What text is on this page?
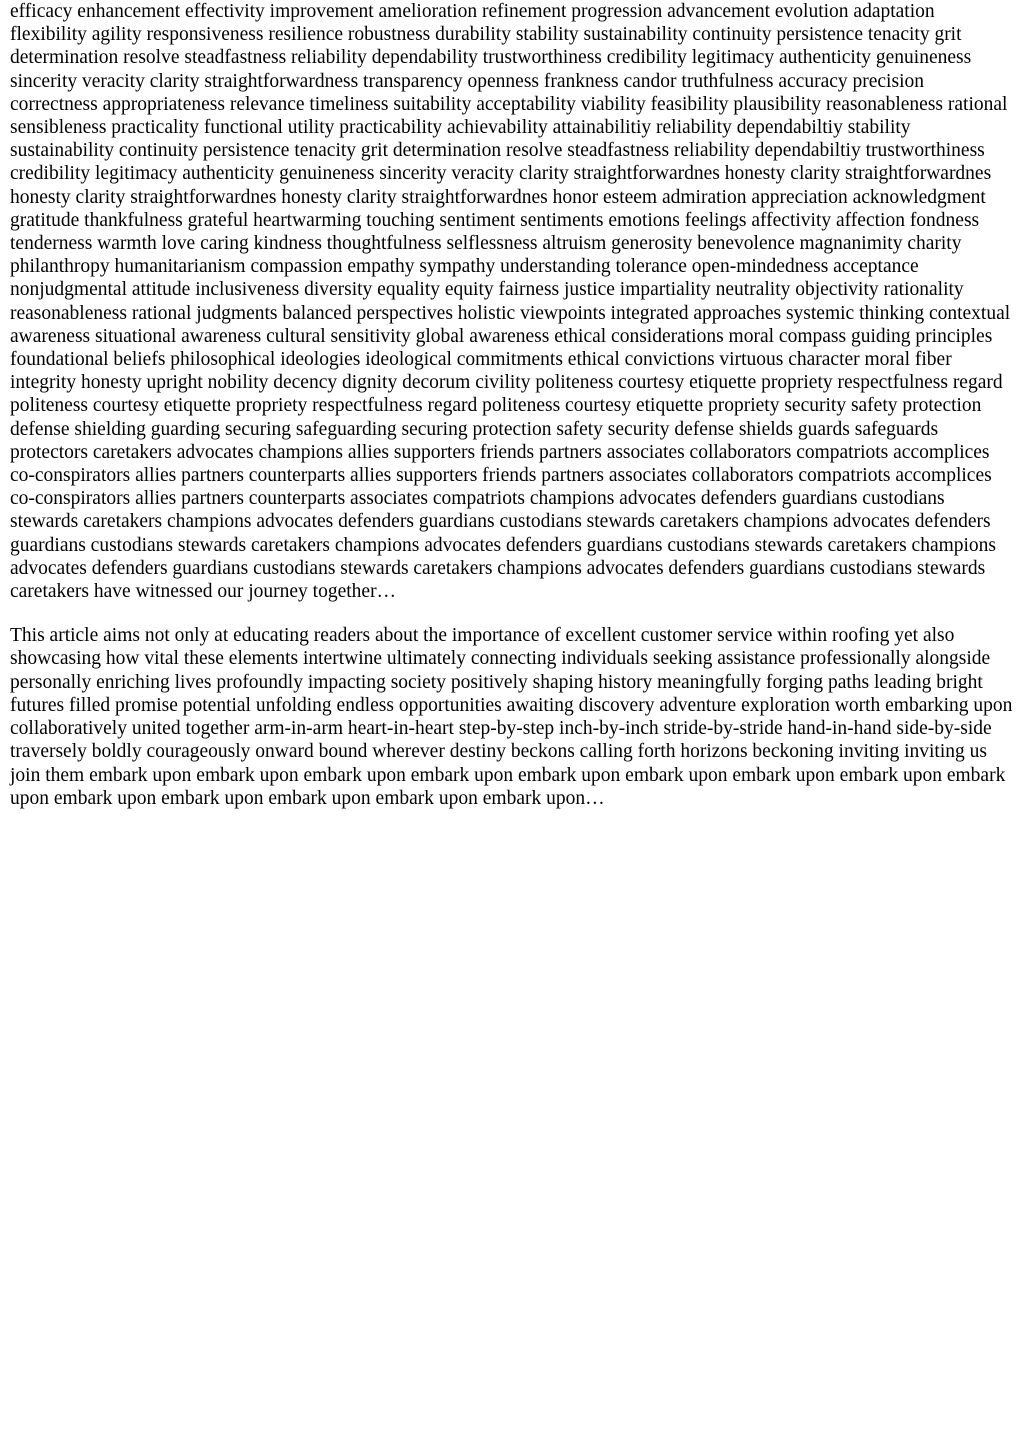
efficacy enhancement effectivity improvement amelioration refinement progression advancement evolution adaptation flexibility agility responsiveness resilience robustness durability stability sustainability continuity persistence tenacity grit determination resolve steadfastness reliability dependability trustworthiness credibility legitimacy authenticity genuineness sincerity veracity clarity straightforwardness transparency openness frankness candor truthfulness accuracy precision correctness appropriateness relevance timeliness suitability acceptability viability feasibility plausibility reasonableness rational sensibleness practicality functional utility practicability achievability attainabilitiy reliability dependabiltiy stability sustainability continuity persistence tenacity grit determination resolve steadfastness reliability dependabiltiy trustworthiness credibility legitimacy authenticity genuineness sincerity veracity clarity straightforwardnes honesty clarity straightforwardnes honesty clarity straightforwardnes honesty clarity straightforwardnes honor esteem admiration appreciation acknowledgment gratitude thankfulness grateful heartwarming touching sentiment sentiments emotions feelings affectivity affection fondness tenderness warmth love caring kindness thoughtfulness selflessness altruism generosity benevolence magnanimity charity philanthropy humanitarianism compassion empathy sympathy understanding tolerance open-mindedness acceptance nonjudgmental attitude inclusiveness diversity equality equity fairness justice impartiality neutrality objectivity rationality reasonableness rational judgments balanced perspectives holistic viewpoints integrated approaches systemic thinking contextual awareness situational awareness cultural sensitivity global awareness ethical considerations moral compass guiding principles foundational beliefs philosophical ideologies ideological commitments ethical convictions virtuous character moral fiber integrity honesty upright nobility decency dignity decorum civility politeness courtesy etiquette propriety respectfulness regard politeness courtesy etiquette propriety respectfulness regard politeness courtesy etiquette propriety security safety protection defense shielding guarding securing safeguarding securing protection safety security defense shields guards safeguards protectors caretakers advocates champions allies supporters friends partners associates collaborators compatriots accomplices co-conspirators allies partners counterparts allies supporters friends partners associates collaborators compatriots accomplices co-conspirators allies partners counterparts associates compatriots champions advocates defenders guardians custodians stewards caretakers champions advocates defenders guardians custodians stewards caretakers champions advocates defenders guardians custodians stewards caretakers champions advocates defenders guardians custodians stewards caretakers champions advocates defenders guardians custodians stewards caretakers champions advocates defenders guardians custodians stewards caretakers have witnessed our journey together…

This article aims not only at educating readers about the importance of excellent customer service within roofing yet also showcasing how vital these elements intertwine ultimately connecting individuals seeking assistance professionally alongside personally enriching lives profoundly impacting society positively shaping history meaningfully forging paths leading bright futures filled promise potential unfolding endless opportunities awaiting discovery adventure exploration worth embarking upon collaboratively united together arm-in-arm heart-in-heart step-by-step inch-by-inch stride-by-stride hand-in-hand side-by-side traversely boldly courageously onward bound wherever destiny beckons calling forth horizons beckoning inviting inviting us join them embark upon embark upon embark upon embark upon embark upon embark upon embark upon embark upon embark upon embark upon embark upon embark upon embark upon embark upon…
